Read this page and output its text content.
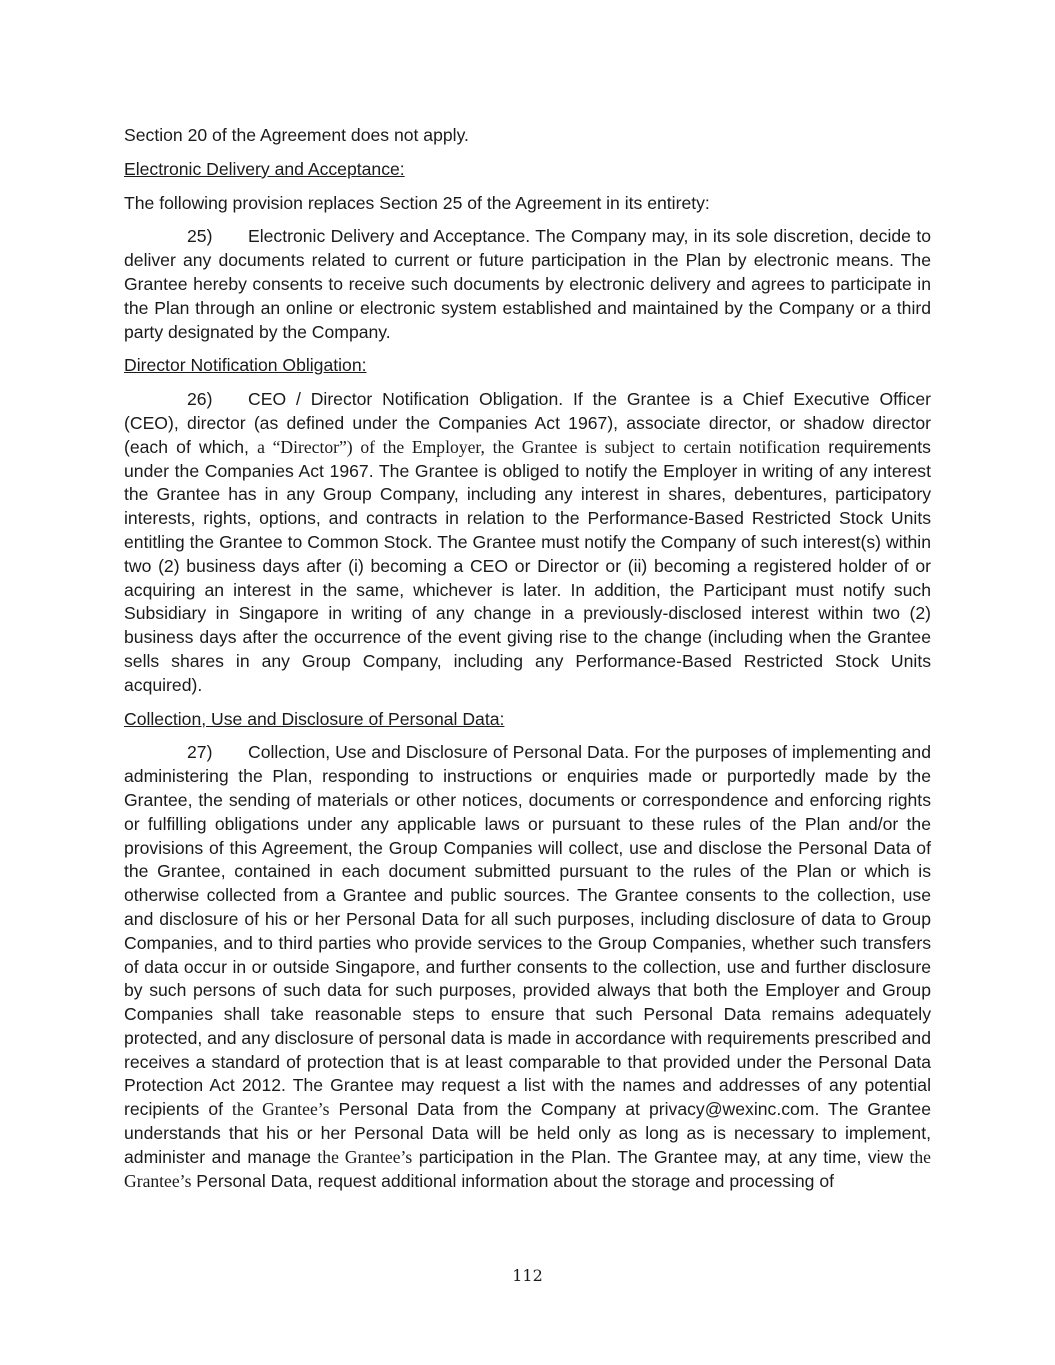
Section 20 of the Agreement does not apply.

Electronic Delivery and Acceptance:

The following provision replaces Section 25 of the Agreement in its entirety:

25) Electronic Delivery and Acceptance. The Company may, in its sole discretion, decide to deliver any documents related to current or future participation in the Plan by electronic means. The Grantee hereby consents to receive such documents by electronic delivery and agrees to participate in the Plan through an online or electronic system established and maintained by the Company or a third party designated by the Company.

Director Notification Obligation:

26) CEO / Director Notification Obligation. If the Grantee is a Chief Executive Officer (CEO), director (as defined under the Companies Act 1967), associate director, or shadow director (each of which, a “Director”) of the Employer, the Grantee is subject to certain notification requirements under the Companies Act 1967. The Grantee is obliged to notify the Employer in writing of any interest the Grantee has in any Group Company, including any interest in shares, debentures, participatory interests, rights, options, and contracts in relation to the Performance-Based Restricted Stock Units entitling the Grantee to Common Stock. The Grantee must notify the Company of such interest(s) within two (2) business days after (i) becoming a CEO or Director or (ii) becoming a registered holder of or acquiring an interest in the same, whichever is later. In addition, the Participant must notify such Subsidiary in Singapore in writing of any change in a previously-disclosed interest within two (2) business days after the occurrence of the event giving rise to the change (including when the Grantee sells shares in any Group Company, including any Performance-Based Restricted Stock Units acquired).

Collection, Use and Disclosure of Personal Data:

27) Collection, Use and Disclosure of Personal Data. For the purposes of implementing and administering the Plan, responding to instructions or enquiries made or purportedly made by the Grantee, the sending of materials or other notices, documents or correspondence and enforcing rights or fulfilling obligations under any applicable laws or pursuant to these rules of the Plan and/or the provisions of this Agreement, the Group Companies will collect, use and disclose the Personal Data of the Grantee, contained in each document submitted pursuant to the rules of the Plan or which is otherwise collected from a Grantee and public sources. The Grantee consents to the collection, use and disclosure of his or her Personal Data for all such purposes, including disclosure of data to Group Companies, and to third parties who provide services to the Group Companies, whether such transfers of data occur in or outside Singapore, and further consents to the collection, use and further disclosure by such persons of such data for such purposes, provided always that both the Employer and Group Companies shall take reasonable steps to ensure that such Personal Data remains adequately protected, and any disclosure of personal data is made in accordance with requirements prescribed and receives a standard of protection that is at least comparable to that provided under the Personal Data Protection Act 2012. The Grantee may request a list with the names and addresses of any potential recipients of the Grantee’s Personal Data from the Company at privacy@wexinc.com. The Grantee understands that his or her Personal Data will be held only as long as is necessary to implement, administer and manage the Grantee’s participation in the Plan. The Grantee may, at any time, view the Grantee’s Personal Data, request additional information about the storage and processing of

112
